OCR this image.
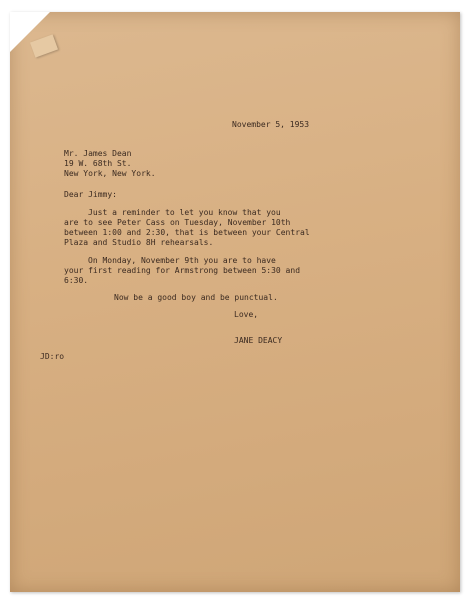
November 5, 1953
Mr. James Dean
19 W. 68th St.
New York, New York.
Dear Jimmy:
Just a reminder to let you know that you
are to see Peter Cass on Tuesday, November 10th
between 1:00 and 2:30, that is between your Central
Plaza and Studio 8H rehearsals.
On Monday, November 9th you are to have
your first reading for Armstrong between 5:30 and
6:30.
Now be a good boy and be punctual.
Love,
JANE DEACY
JD:ro
